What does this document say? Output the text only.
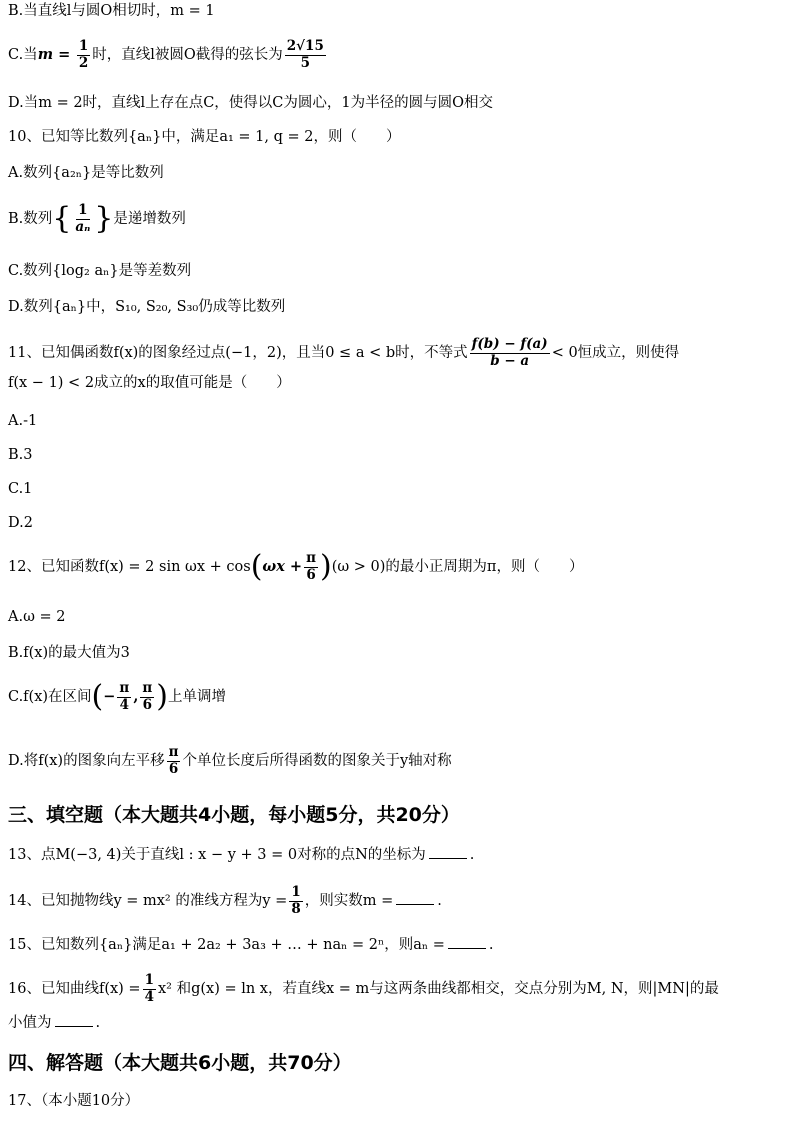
B.当直线l与圆O相切时，m = 1
C.当$m = \frac{1}{2}$ 时，直线l被圆O截得的弦长为 $\frac{2√15}{5}$
D.当m = 2时，直线l上存在点C，使得以C为圆心，1为半径的圆与圆O相交
10、已知等比数列{aₙ}中，满足a₁ = 1, q = 2，则（　　）
A.数列{a₂ₙ}是等比数列
B.数列{ $\frac{1}{\text{aₙ}}$ }是递增数列
C.数列{log₂ aₙ}是等差数列
D.数列{aₙ}中，S₁₀, S₂₀, S₃₀仍成等比数列
11、已知偶函数f(x)的图象经过点(−1，2)，且当0 ≤ a < b时，不等式 $\frac{f(b) - f(a)}{b - a} < 0$恒成立，则使得
f(x − 1) < 2成立的x的取值可能是（　　）
A.-1
B.3
C.1
D.2
12、已知函数f(x) = 2 $\sin \omega x + \cos(\omega x + \frac{\pi}{6} )(\omega > 0)$的最小正周期为π，则（　　）
A.ω = 2
B.f(x)的最大值为3
C.f(x)在区间(− $\frac{\pi}{4}$ , $\frac{\pi}{6}$ )上单调增
D.将f(x)的图象向左平移 $\frac{\pi}{6}$ 个单位长度后所得函数的图象关于y轴对称
三、填空题（本大题共4小题，每小题5分，共20分）
13、点M(−3, 4)关于直线l : x − y + 3 = 0对称的点N的坐标为	.
14、已知抛物线y = mx² 的准线方程为$y = \frac{1}{8}$ ，则实数m =	.
15、已知数列{aₙ}满足a₁ + 2a₂ + 3a₃ + … + naₙ = 2ⁿ，则aₙ =	.
16、已知曲线$f(x) = \frac{1}{4} x^2$ 和g(x) = ln x，若直线x = m与这两条曲线都相交，交点分别为M, N，则|MN|的最
小值为	.
四、解答题（本大题共6小题，共70分）
17、（本小题10分）
